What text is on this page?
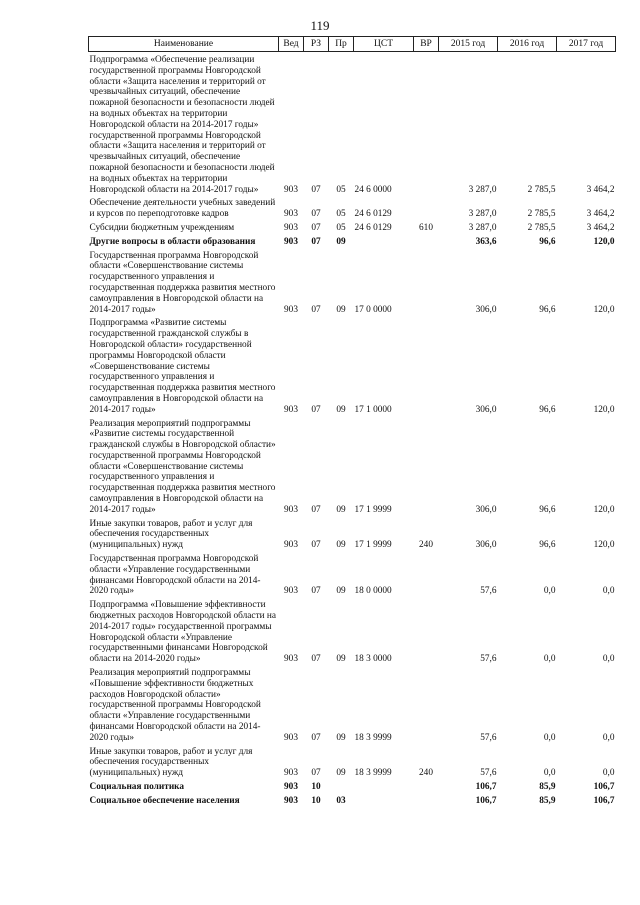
119
Наименование	Вед	РЗ	Пр	ЦСТ	ВР	2015 год	2016 год	2017 год
Подпрограмма «Обеспечение реализации государственной программы Новгородской области «Защита населения и территорий от чрезвычайных ситуаций, обеспечение пожарной безопасности и безопасности людей на водных объектах на территории Новгородской области на 2014-2017 годы» государственной программы Новгородской области «Защита населения и территорий от чрезвычайных ситуаций, обеспечение пожарной безопасности и безопасности людей на водных объектах на территории Новгородской области на 2014-2017 годы»	903	07	05	24 6 0000		3 287,0	2 785,5	3 464,2
Обеспечение деятельности учебных заведений и курсов по переподготовке кадров	903	07	05	24 6 0129		3 287,0	2 785,5	3 464,2
Субсидии бюджетным учреждениям	903	07	05	24 6 0129	610	3 287,0	2 785,5	3 464,2
Другие вопросы в области образования	903	07	09			363,6	96,6	120,0
Государственная программа Новгородской области «Совершенствование системы государственного управления и государственная поддержка развития местного самоуправления в Новгородской области на 2014-2017 годы»	903	07	09	17 0 0000		306,0	96,6	120,0
Подпрограмма «Развитие системы государственной гражданской службы в Новгородской области» государственной программы Новгородской области «Совершенствование системы государственного управления и государственная поддержка развития местного самоуправления в Новгородской области на 2014-2017 годы»	903	07	09	17 1 0000		306,0	96,6	120,0
Реализация мероприятий подпрограммы «Развитие системы государственной гражданской службы в Новгородской области» государственной программы Новгородской области «Совершенствование системы государственного управления и государственная поддержка развития местного самоуправления в Новгородской области на 2014-2017 годы»	903	07	09	17 1 9999		306,0	96,6	120,0
Иные закупки товаров, работ и услуг для обеспечения государственных (муниципальных) нужд	903	07	09	17 1 9999	240	306,0	96,6	120,0
Государственная программа Новгородской области «Управление государственными финансами Новгородской области на 2014-2020 годы»	903	07	09	18 0 0000		57,6	0,0	0,0
Подпрограмма «Повышение эффективности бюджетных расходов Новгородской области на 2014-2017 годы» государственной программы Новгородской области «Управление государственными финансами Новгородской области на 2014-2020 годы»	903	07	09	18 3 0000		57,6	0,0	0,0
Реализация мероприятий подпрограммы «Повышение эффективности бюджетных расходов Новгородской области» государственной программы Новгородской области «Управление государственными финансами Новгородской области на 2014-2020 годы»	903	07	09	18 3 9999		57,6	0,0	0,0
Иные закупки товаров, работ и услуг для обеспечения государственных (муниципальных) нужд	903	07	09	18 3 9999	240	57,6	0,0	0,0
Социальная политика	903	10				106,7	85,9	106,7
Социальное обеспечение населения	903	10	03			106,7	85,9	106,7
